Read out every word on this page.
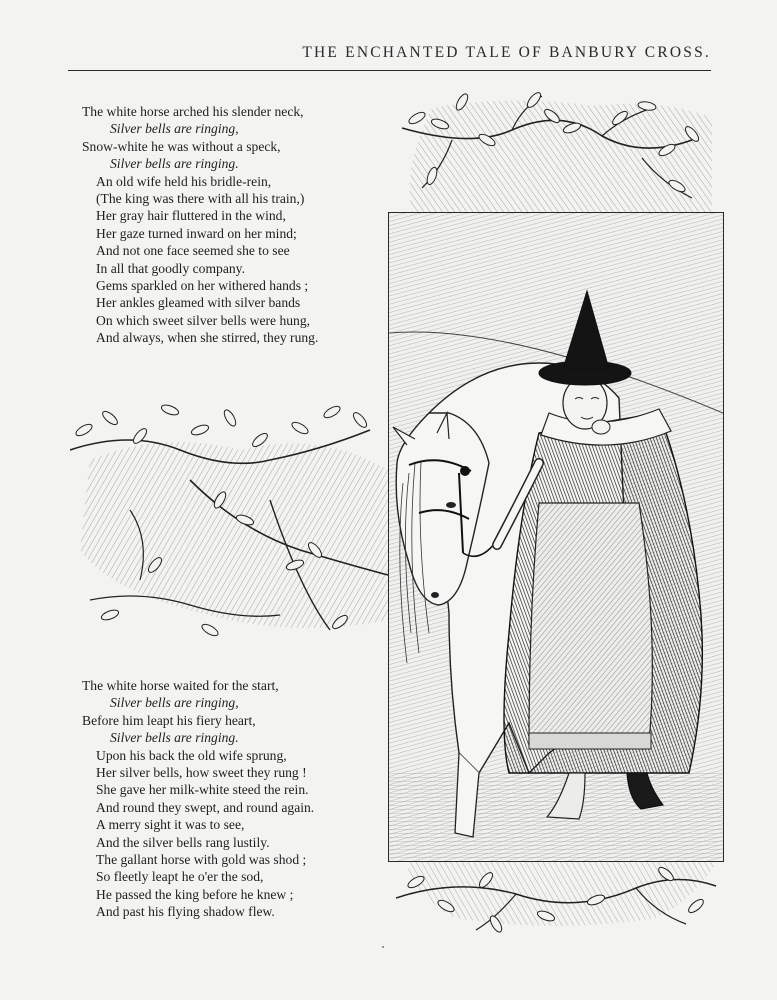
THE ENCHANTED TALE OF BANBURY CROSS.
The white horse arched his slender neck,
Silver bells are ringing,
Snow-white he was without a speck,
Silver bells are ringing.
An old wife held his bridle-rein,
(The king was there with all his train,)
Her gray hair fluttered in the wind,
Her gaze turned inward on her mind;
And not one face seemed she to see
In all that goodly company.
Gems sparkled on her withered hands ;
Her ankles gleamed with silver bands
On which sweet silver bells were hung,
And always, when she stirred, they rung.
The white horse waited for the start,
Silver bells are ringing,
Before him leapt his fiery heart,
Silver bells are ringing.
Upon his back the old wife sprung,
Her silver bells, how sweet they rung !
She gave her milk-white steed the rein.
And round they swept, and round again.
A merry sight it was to see,
And the silver bells rang lustily.
The gallant horse with gold was shod ;
So fleetly leapt he o'er the sod,
He passed the king before he knew ;
And past his flying shadow flew.
